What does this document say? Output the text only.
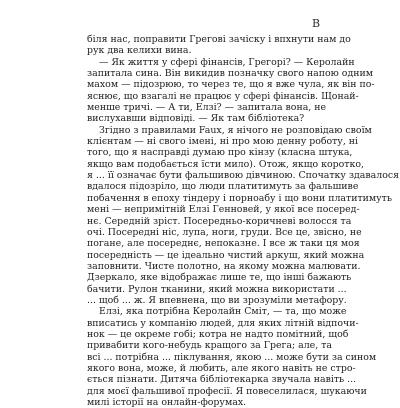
В
біля нас, поправити Грегові зачіску і впхнути нам до
рук два келихи вина.
— Як життя у сфері фінансів, Грегорі? — Керолайн
запитала сина. Він викидив позначку свого напою одним
махом — підозрюю, то через те, що я вже чула, як він по-
яснює, що взагалі не працює у сфері фінансів. Щонай-
менше тричі. — А ти, Елзі? — запитала вона, не
вислухавши відповіді. — Як там бібліотека?
Згідно з правилами Faux, я нічого не розповідаю своїм
клієнтам — ні свого імені, ні про мою денну роботу, ні
того, що я насправді думаю про кінзу (класна штука,
якщо вам подобається їсти мило). Отож, якщо коротко,
я ... її означає бути фальшивою дівчиною. Спочатку здавалося
вдалося підозріло, що люди платитимуть за фальшиве
побачення в епоху тіндеру і порноабу і що вони платитимуть
мені — непримітній Елзі Генновей, у якої все посеред-
нє. Середній зріст. Посередньо-коричневі волосся та
очі. Посередні ніс, лупа, ноги, груди. Все це, звісно, не
погане, але посереднє, непоказне. І все ж таки ця моя
посередність — це ідеально чистий аркуш, який можна
заповнити. Чисте полотно, на якому можна малювати.
Дзеркало, яке відображає лише те, що інші бажають
бачити. Рулон тканини, який можна використати ...
... щоб ... ж. Я впевнена, що ви зрозуміли метафору.
Елзі, яка потрібна Керолайн Сміт, — та, що може
вписатись у компанію людей, для яких літній відпочи-
нок — це окреме гобі; котра не надто помітний, щоб
привабити кого-небудь кращого за Грега; але, та
всі ... потрібна ... піклування, якою ... може бути за сином
якого вона, може, й любить, але якого навіть не стро-
ється пізнати. Дитяча бібліотекарка звучала навіть ...
для моєї фальшивої професії. Я повеселилася, шукаючи
милі історії на онлайн-форумах.
